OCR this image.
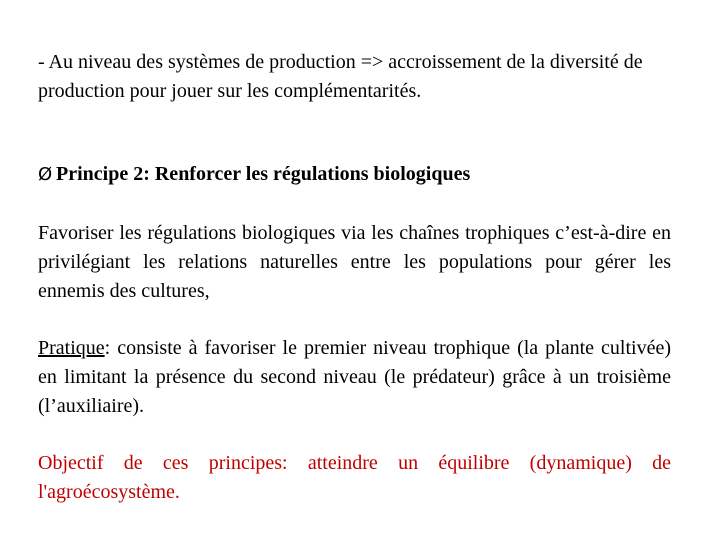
- Au niveau des systèmes de production => accroissement de la diversité de production pour jouer sur les complémentarités.

Ø Principe 2: Renforcer les régulations biologiques

Favoriser les régulations biologiques via les chaînes trophiques c’est-à-dire en privilégiant les relations naturelles entre les populations pour gérer les ennemis des cultures,

Pratique: consiste à favoriser le premier niveau trophique (la plante cultivée) en limitant la présence du second niveau (le prédateur) grâce à un troisième (l’auxiliaire).

Objectif de ces principes: atteindre un équilibre (dynamique) de l'agroécosystème.
